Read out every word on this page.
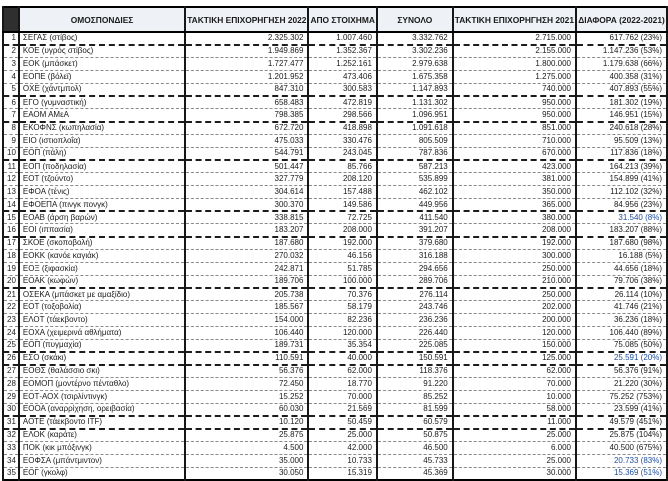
	ΟΜΟΣΠΟΝΔΙΕΣ	ΤΑΚΤΙΚΗ ΕΠΙΧΟΡΗΓΗΣΗ 2022	ΑΠΟ ΣΤΟΙΧΗΜΑ	ΣΥΝΟΛΟ	ΤΑΚΤΙΚΗ ΕΠΙΧΟΡΗΓΗΣΗ 2021	ΔΙΑΦΟΡΑ (2022-2021)
1	ΣΕΓΑΣ (στίβος)	2.325.302	1.007.460	3.332.762	2.715.000	617.762 (23%)
2	ΚΟΕ (υγρός στίβος)	1.949.869	1.352.367	3.302.236	2.155.000	1.147.236 (53%)
3	ΕΟΚ (μπάσκετ)	1.727.477	1.252.161	2.979.638	1.800.000	1.179.638 (66%)
4	ΕΟΠΕ (βόλεϊ)	1.201.952	473.406	1.675.358	1.275.000	400.358 (31%)
5	ΟΧΕ (χάντμπολ)	847.310	300.583	1.147.893	740.000	407.893 (55%)
6	ΕΓΟ (γυμναστική)	658.483	472.819	1.131.302	950.000	181.302 (19%)
7	ΕΑΟΜ ΑΜεΑ	798.385	298.566	1.096.951	950.000	146.951 (15%)
8	ΕΚΟΦΝΣ (κωπηλασία)	672.720	418.898	1.091.618	851.000	240.618 (28%)
9	ΕΙΟ (ιστιοπλοΐα)	475.033	330.476	805.509	710.000	95.509 (13%)
10	ΕΟΠ (πάλη)	544.791	243.045	787.836	670.000	117.836 (18%)
11	ΕΟΠ (ποδηλασία)	501.447	85.766	587.213	423.000	164.213 (39%)
12	ΕΟΤ (τζούντο)	327.779	208.120	535.899	381.000	154.899 (41%)
13	ΕΦΟΑ (τένις)	304.614	157.488	462.102	350.000	112.102 (32%)
14	ΕΦΟΕΠΑ (πινγκ πονγκ)	300.370	149.586	449.956	365.000	84.956 (23%)
15	ΕΟΑΒ (άρση βαρών)	338.815	72.725	411.540	380.000	31.540 (8%)
16	ΕΟΙ (ιππασία)	183.207	208.000	391.207	208.000	183.207 (88%)
17	ΣΚΟΕ (σκοποβολή)	187.680	192.000	379.680	192.000	187.680 (98%)
18	ΕΟΚΚ (κανόε καγιάκ)	270.032	46.156	316.188	300.000	16.188 (5%)
19	ΕΟΞ (ξιφασκία)	242.871	51.785	294.656	250.000	44.656 (18%)
20	ΕΟΑΚ (κωφών)	189.706	100.000	289.706	210.000	79.706 (38%)
21	ΟΣΕΚΑ (μπάσκετ με αμαξίδιο)	205.738	70.376	276.114	250.000	26.114 (10%)
22	ΕΟΤ (τοξοβολία)	185.567	58.179	243.746	202.000	41.746 (21%)
23	ΕΛΟΤ (τάεκβοντο)	154.000	82.236	236.236	200.000	36.236 (18%)
24	ΕΟΧΑ (χειμερινά αθλήματα)	106.440	120.000	226.440	120.000	106.440 (89%)
25	ΕΟΠ (πυγμαχία)	189.731	35.354	225.085	150.000	75.085 (50%)
26	ΕΣΟ (σκάκι)	110.591	40.000	150.591	125.000	25.591 (20%)
27	ΕΟΘΣ (θαλάσσιο σκι)	56.376	62.000	118.376	62.000	56.376 (91%)
28	ΕΟΜΟΠ (μοντέρνο πένταθλο)	72.450	18.770	91.220	70.000	21.220 (30%)
29	ΕΟΤ-ΑΟΧ (τσιρλίντινγκ)	15.252	70.000	85.252	10.000	75.252 (753%)
30	ΕΟΟΑ (αναρρίχηση, ορειβασία)	60.030	21.569	81.599	58.000	23.599 (41%)
31	ΑΟΤΕ (τάεκβοντο ITF)	10.120	50.459	60.579	11.000	49.579 (451%)
32	ΕΛΟΚ (καράτε)	25.875	25.000	50.875	25.000	25.875 (104%)
33	ΠΟΚ (κικ μπόξινγκ)	4.500	42.000	46.500	6.000	40.500 (675%)
34	ΕΟΦΣΑ (μπάντμιντον)	35.000	10.733	45.733	25.000	20.733 (83%)
35	ΕΟΓ (γκολφ)	30.050	15.319	45.369	30.000	15.369 (51%)
